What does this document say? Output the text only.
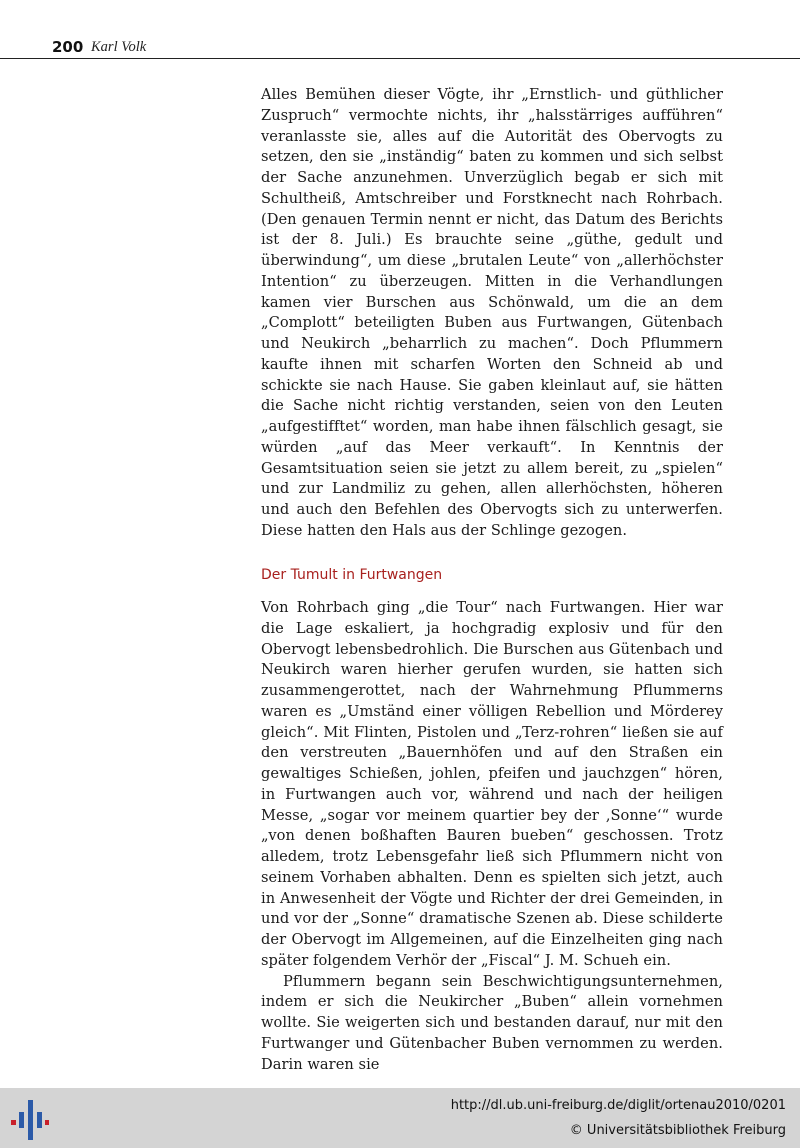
200 Karl Volk

Alles Bemühen dieser Vögte, ihr „Ernstlich- und güthlicher Zuspruch“ vermochte nichts, ihr „halsstärriges aufführen“ veranlasste sie, alles auf die Autorität des Obervogts zu setzen, den sie „inständig“ baten zu kommen und sich selbst der Sache anzunehmen. Unverzüglich begab er sich mit Schultheiß, Amtschreiber und Forstknecht nach Rohrbach. (Den genauen Termin nennt er nicht, das Datum des Berichts ist der 8. Juli.) Es brauchte seine „güthe, gedult und überwindung“, um diese „brutalen Leute“ von „allerhöchster Intention“ zu überzeugen. Mitten in die Verhandlungen kamen vier Burschen aus Schönwald, um die an dem „Complott“ beteiligten Buben aus Furtwangen, Gütenbach und Neukirch „beharrlich zu machen“. Doch Pflummern kaufte ihnen mit scharfen Worten den Schneid ab und schickte sie nach Hause. Sie gaben kleinlaut auf, sie hätten die Sache nicht richtig verstanden, seien von den Leuten „aufgestifftet“ worden, man habe ihnen fälschlich gesagt, sie würden „auf das Meer verkauft“. In Kenntnis der Gesamtsituation seien sie jetzt zu allem bereit, zu „spielen“ und zur Landmiliz zu gehen, allen allerhöchsten, höheren und auch den Befehlen des Obervogts sich zu unterwerfen. Diese hatten den Hals aus der Schlinge gezogen.

Der Tumult in Furtwangen

Von Rohrbach ging „die Tour“ nach Furtwangen. Hier war die Lage eskaliert, ja hochgradig explosiv und für den Obervogt lebensbedrohlich. Die Burschen aus Gütenbach und Neukirch waren hierher gerufen wurden, sie hatten sich zusammengerottet, nach der Wahrnehmung Pflummerns waren es „Umständ einer völligen Rebellion und Mörderey gleich“. Mit Flinten, Pistolen und „Terz-rohren“ ließen sie auf den verstreuten „Bauernhöfen und auf den Straßen ein gewaltiges Schießen, johlen, pfeifen und jauchzgen“ hören, in Furtwangen auch vor, während und nach der heiligen Messe, „sogar vor meinem quartier bey der ‚Sonne‘“ wurde „von denen boßhaften Bauren bueben“ geschossen. Trotz alledem, trotz Lebensgefahr ließ sich Pflummern nicht von seinem Vorhaben abhalten. Denn es spielten sich jetzt, auch in Anwesenheit der Vögte und Richter der drei Gemeinden, in und vor der „Sonne“ dramatische Szenen ab. Diese schilderte der Obervogt im Allgemeinen, auf die Einzelheiten ging nach später folgendem Verhör der „Fiscal“ J. M. Schueh ein.

Pflummern begann sein Beschwichtigungsunternehmen, indem er sich die Neukircher „Buben“ allein vornehmen wollte. Sie weigerten sich und bestanden darauf, nur mit den Furtwanger und Gütenbacher Buben vernommen zu werden. Darin waren sie

http://dl.ub.uni-freiburg.de/diglit/ortenau2010/0201
© Universitätsbibliothek Freiburg
